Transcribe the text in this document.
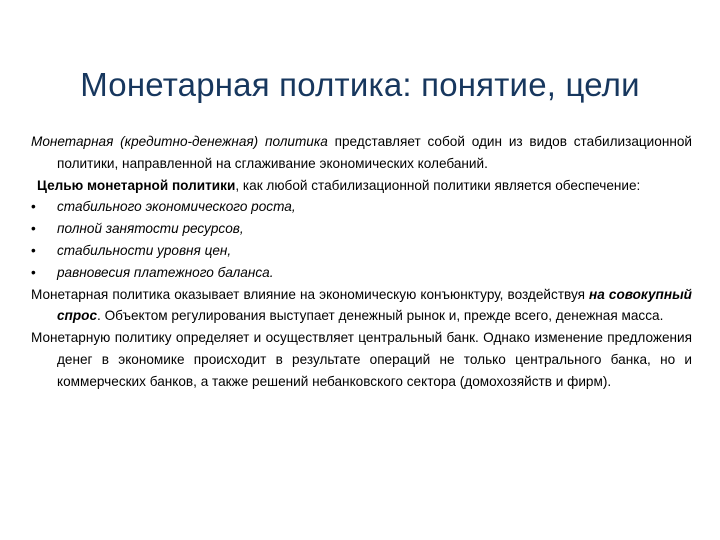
Монетарная полтика: понятие, цели

Монетарная (кредитно-денежная) политика представляет собой один из видов стабилизационной политики, направленной на сглаживание экономических колебаний.

Целью монетарной политики, как любой стабилизационной политики является обеспечение:

• стабильного экономического роста,

• полной занятости ресурсов,

• стабильности уровня цен,

• равновесия платежного баланса.

Монетарная политика оказывает влияние на экономическую конъюнктуру, воздействуя на совокупный спрос. Объектом регулирования выступает денежный рынок и, прежде всего, денежная масса.

Монетарную политику определяет и осуществляет центральный банк. Однако изменение предложения денег в экономике происходит в результате операций не только центрального банка, но и коммерческих банков, а также решений небанковского сектора (домохозяйств и фирм).
